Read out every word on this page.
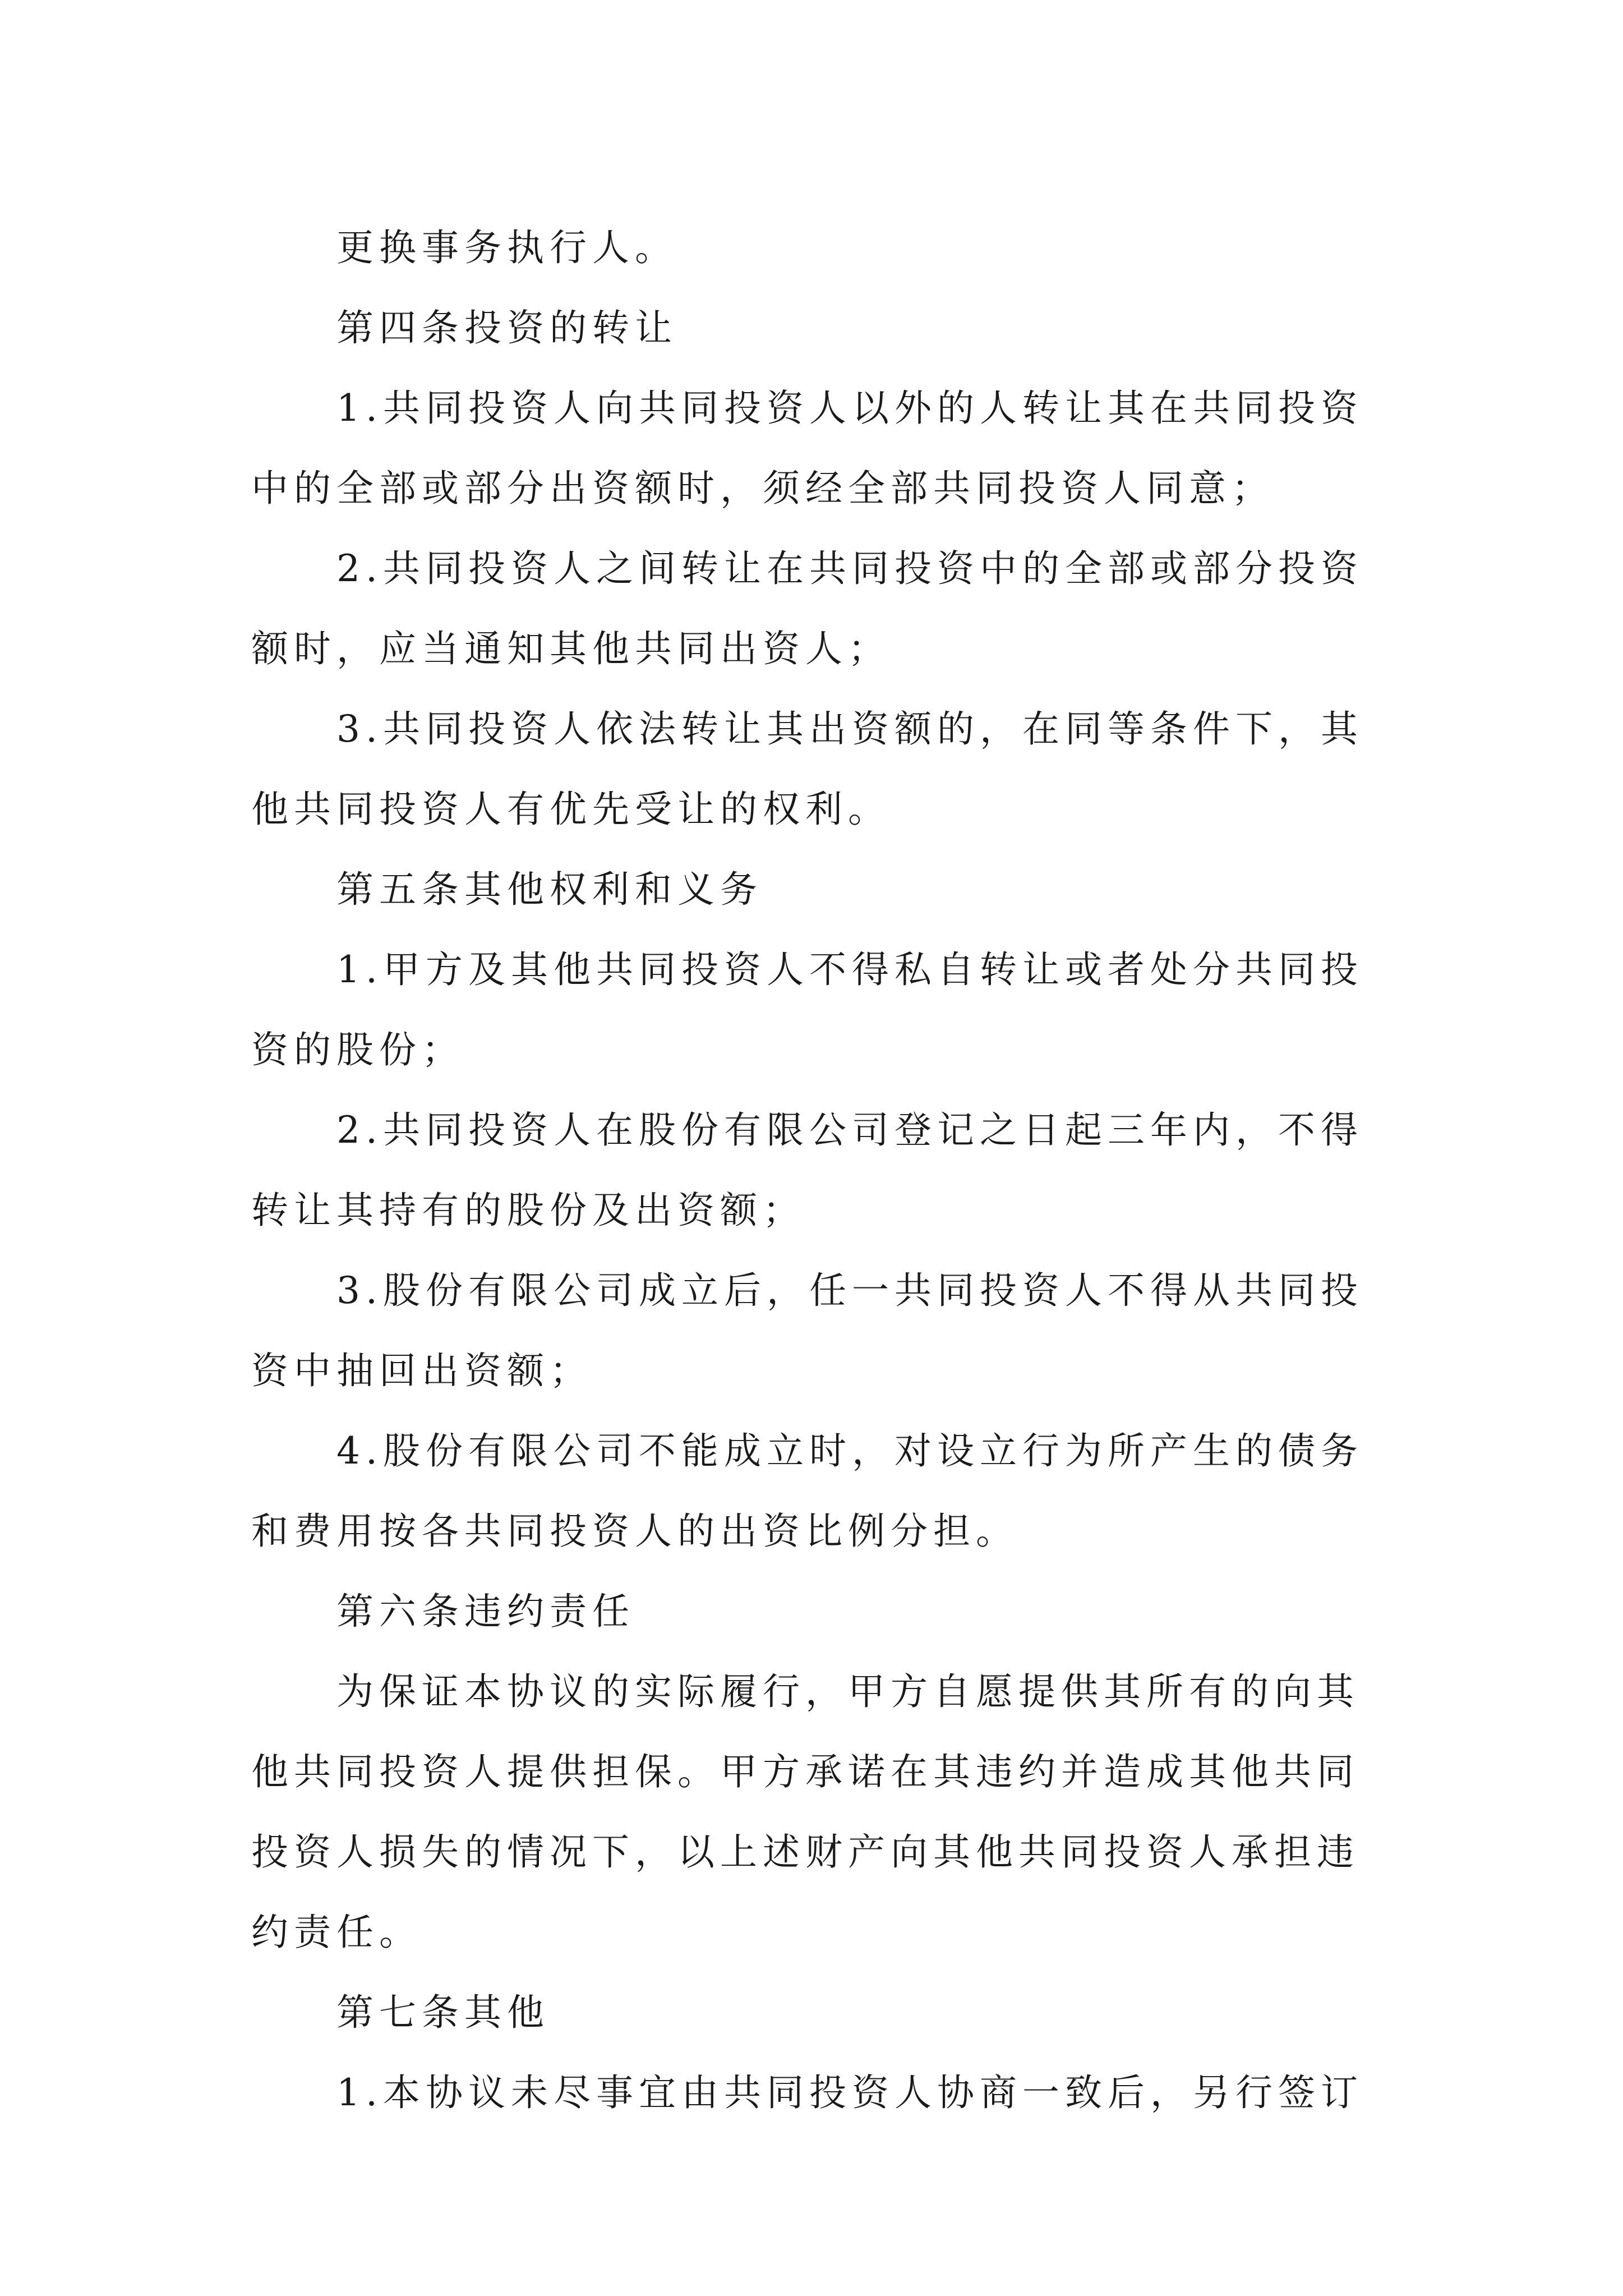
更换事务执行人。

第四条投资的转让

1.共同投资人向共同投资人以外的人转让其在共同投资中的全部或部分出资额时，须经全部共同投资人同意；

2.共同投资人之间转让在共同投资中的全部或部分投资额时，应当通知其他共同出资人；

3.共同投资人依法转让其出资额的，在同等条件下，其他共同投资人有优先受让的权利。

第五条其他权利和义务

1.甲方及其他共同投资人不得私自转让或者处分共同投资的股份；

2.共同投资人在股份有限公司登记之日起三年内，不得转让其持有的股份及出资额；

3.股份有限公司成立后，任一共同投资人不得从共同投资中抽回出资额；

4.股份有限公司不能成立时，对设立行为所产生的债务和费用按各共同投资人的出资比例分担。

第六条违约责任

为保证本协议的实际履行，甲方自愿提供其所有的向其他共同投资人提供担保。甲方承诺在其违约并造成其他共同投资人损失的情况下，以上述财产向其他共同投资人承担违约责任。

第七条其他

1.本协议未尽事宜由共同投资人协商一致后，另行签订
